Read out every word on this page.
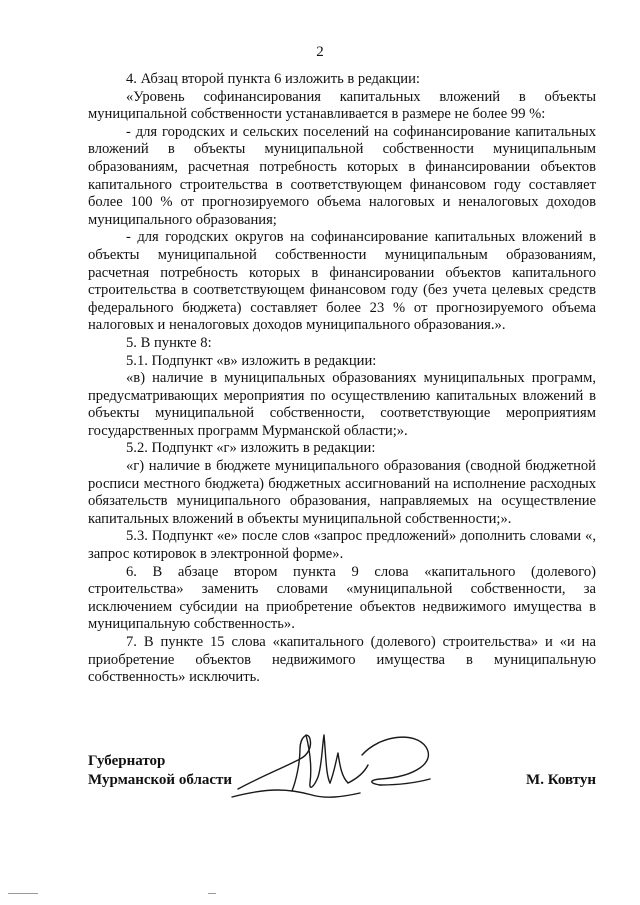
2

4. Абзац второй пункта 6 изложить в редакции:

«Уровень софинансирования капитальных вложений в объекты муниципальной собственности устанавливается в размере не более 99 %:

- для городских и сельских поселений на софинансирование капитальных вложений в объекты муниципальной собственности муниципальным образованиям, расчетная потребность которых в финансировании объектов капитального строительства в соответствующем финансовом году составляет более 100 % от прогнозируемого объема налоговых и неналоговых доходов муниципального образования;

- для городских округов на софинансирование капитальных вложений в объекты муниципальной собственности муниципальным образованиям, расчетная потребность которых в финансировании объектов капитального строительства в соответствующем финансовом году (без учета целевых средств федерального бюджета) составляет более 23 % от прогнозируемого объема налоговых и неналоговых доходов муниципального образования.».

5. В пункте 8:

5.1. Подпункт «в» изложить в редакции:

«в) наличие в муниципальных образованиях муниципальных программ, предусматривающих мероприятия по осуществлению капитальных вложений в объекты муниципальной собственности, соответствующие мероприятиям государственных программ Мурманской области;».

5.2. Подпункт «г» изложить в редакции:

«г) наличие в бюджете муниципального образования (сводной бюджетной росписи местного бюджета) бюджетных ассигнований на исполнение расходных обязательств муниципального образования, направляемых на осуществление капитальных вложений в объекты муниципальной собственности;».

5.3. Подпункт «е» после слов «запрос предложений» дополнить словами «, запрос котировок в электронной форме».

6. В абзаце втором пункта 9 слова «капитального (долевого) строительства» заменить словами «муниципальной собственности, за исключением субсидии на приобретение объектов недвижимого имущества в муниципальную собственность».

7. В пункте 15 слова «капитального (долевого) строительства» и «и на приобретение объектов недвижимого имущества в муниципальную собственность» исключить.

Губернатор
Мурманской области	М. Ковтун
